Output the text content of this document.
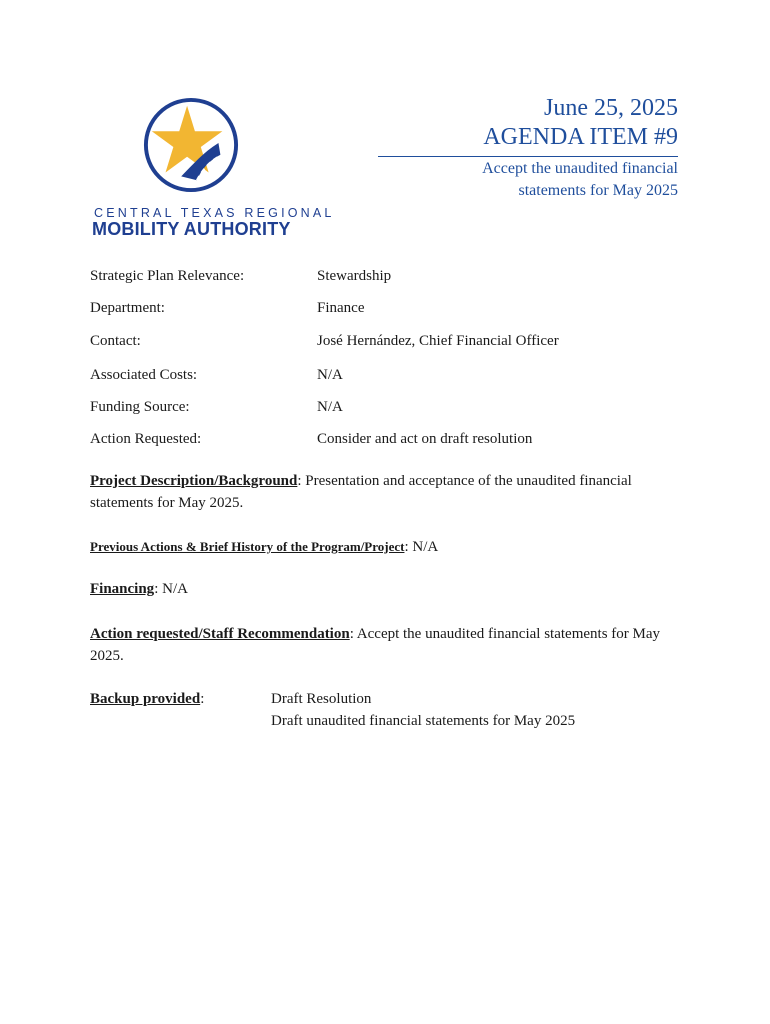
CENTRAL TEXAS REGIONAL
MOBILITY AUTHORITY
June 25, 2025
AGENDA ITEM #9
Accept the unaudited financial
statements for May 2025
Strategic Plan Relevance:	Stewardship
Department:	Finance
Contact:	José Hernández, Chief Financial Officer
Associated Costs:	N/A
Funding Source:	N/A
Action Requested:	Consider and act on draft resolution
Project Description/Background: Presentation and acceptance of the unaudited financial statements for May 2025.
Previous Actions & Brief History of the Program/Project: N/A
Financing: N/A
Action requested/Staff Recommendation: Accept the unaudited financial statements for May 2025.
Backup provided:	Draft Resolution
Draft unaudited financial statements for May 2025
